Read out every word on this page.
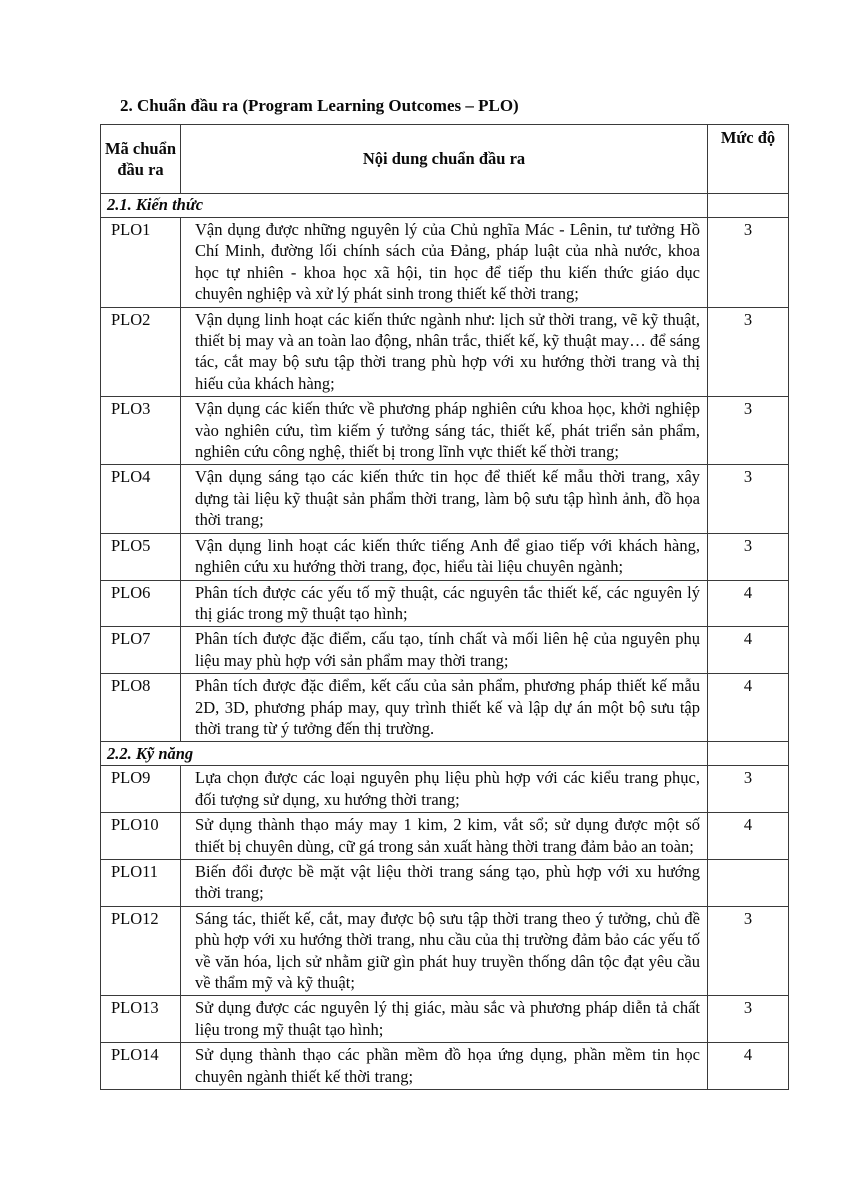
2. Chuẩn đầu ra (Program Learning Outcomes – PLO)
Mã chuẩn đầu ra	Nội dung chuẩn đầu ra	Mức độ
2.1. Kiến thức		
PLO1	Vận dụng được những nguyên lý của Chủ nghĩa Mác - Lênin, tư tưởng Hồ Chí Minh, đường lối chính sách của Đảng, pháp luật của nhà nước, khoa học tự nhiên - khoa học xã hội, tin học để tiếp thu kiến thức giáo dục chuyên nghiệp và xử lý phát sinh trong thiết kế thời trang;	3
PLO2	Vận dụng linh hoạt các kiến thức ngành như: lịch sử thời trang, vẽ kỹ thuật, thiết bị may và an toàn lao động, nhân trắc, thiết kế, kỹ thuật may… để sáng tác, cắt may bộ sưu tập thời trang phù hợp với xu hướng thời trang và thị hiếu của khách hàng;	3
PLO3	Vận dụng các kiến thức về phương pháp nghiên cứu khoa học, khởi nghiệp vào nghiên cứu, tìm kiếm ý tưởng sáng tác, thiết kế, phát triển sản phẩm, nghiên cứu công nghệ, thiết bị trong lĩnh vực thiết kế thời trang;	3
PLO4	Vận dụng sáng tạo các kiến thức tin học để thiết kế mẫu thời trang, xây dựng tài liệu kỹ thuật sản phẩm thời trang, làm bộ sưu tập hình ảnh, đồ họa thời trang;	3
PLO5	Vận dụng linh hoạt các kiến thức tiếng Anh để giao tiếp với khách hàng, nghiên cứu xu hướng thời trang, đọc, hiểu tài liệu chuyên ngành;	3
PLO6	Phân tích được các yếu tố mỹ thuật, các nguyên tắc thiết kế, các nguyên lý thị giác trong mỹ thuật tạo hình;	4
PLO7	Phân tích được đặc điểm, cấu tạo, tính chất và mối liên hệ của nguyên phụ liệu may phù hợp với sản phẩm may thời trang;	4
PLO8	Phân tích được đặc điểm, kết cấu của sản phẩm, phương pháp thiết kế mẫu 2D, 3D, phương pháp may, quy trình thiết kế và lập dự án một bộ sưu tập thời trang từ ý tưởng đến thị trường.	4
2.2. Kỹ năng		
PLO9	Lựa chọn được các loại nguyên phụ liệu phù hợp với các kiểu trang phục, đối tượng sử dụng, xu hướng thời trang;	3
PLO10	Sử dụng thành thạo máy may 1 kim, 2 kim, vắt sổ; sử dụng được một số thiết bị chuyên dùng, cữ gá trong sản xuất hàng thời trang đảm bảo an toàn;	4
PLO11	Biến đổi được bề mặt vật liệu thời trang sáng tạo, phù hợp với xu hướng thời trang;	
PLO12	Sáng tác, thiết kế, cắt, may được bộ sưu tập thời trang theo ý tưởng, chủ đề phù hợp với xu hướng thời trang, nhu cầu của thị trường đảm bảo các yếu tố về văn hóa, lịch sử nhằm giữ gìn phát huy truyền thống dân tộc đạt yêu cầu về thẩm mỹ và kỹ thuật;	3
PLO13	Sử dụng được các nguyên lý thị giác, màu sắc và phương pháp diễn tả chất liệu trong mỹ thuật tạo hình;	3
PLO14	Sử dụng thành thạo các phần mềm đồ họa ứng dụng, phần mềm tin học chuyên ngành thiết kế thời trang;	4
